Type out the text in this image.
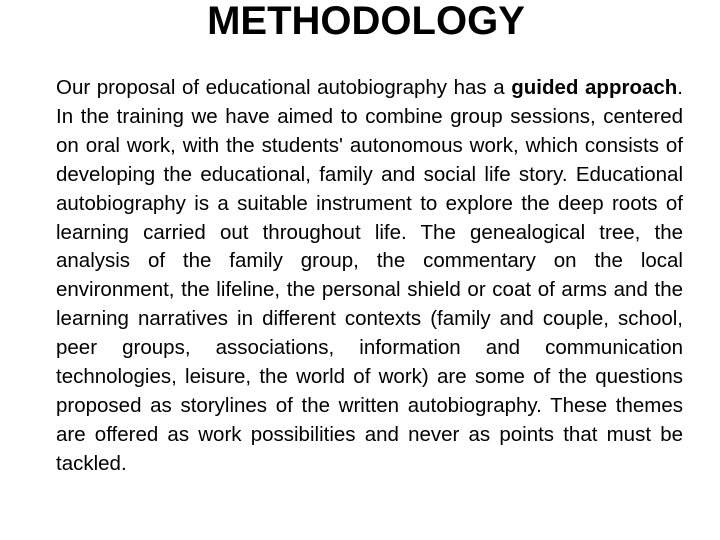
METHODOLOGY

Our proposal of educational autobiography has a guided approach. In the training we have aimed to combine group sessions, centered on oral work, with the students' autonomous work, which consists of developing the educational, family and social life story. Educational autobiography is a suitable instrument to explore the deep roots of learning carried out throughout life. The genealogical tree, the analysis of the family group, the commentary on the local environment, the lifeline, the personal shield or coat of arms and the learning narratives in different contexts (family and couple, school, peer groups, associations, information and communication technologies, leisure, the world of work) are some of the questions proposed as storylines of the written autobiography. These themes are offered as work possibilities and never as points that must be tackled.
